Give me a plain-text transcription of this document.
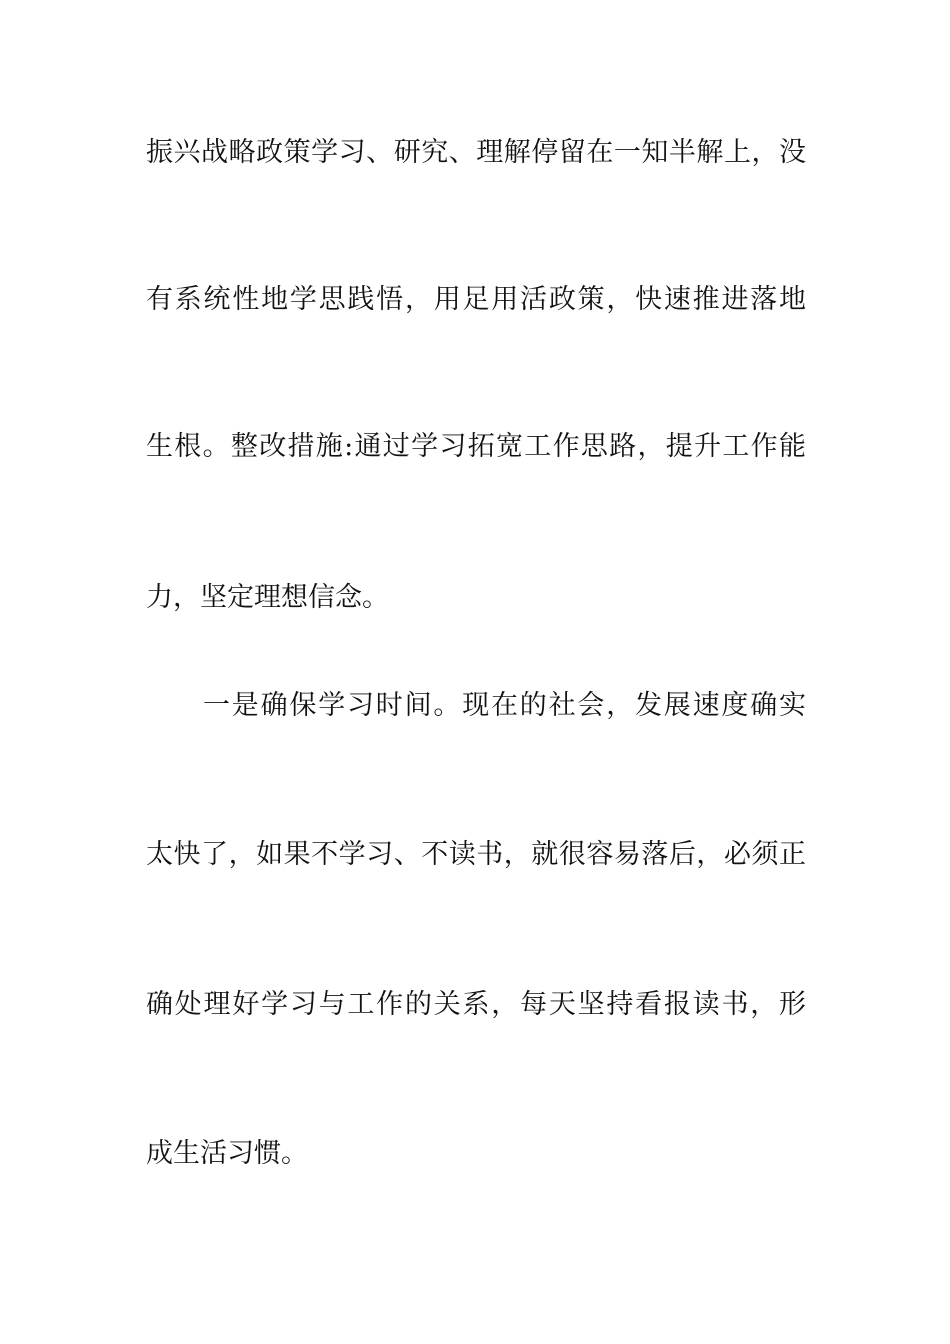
振兴战略政策学习、研究、理解停留在一知半解上，没
有系统性地学思践悟，用足用活政策，快速推进落地
生根。整改措施:通过学习拓宽工作思路，提升工作能
力，坚定理想信念。
一是确保学习时间。现在的社会，发展速度确实
太快了，如果不学习、不读书，就很容易落后，必须正
确处理好学习与工作的关系，每天坚持看报读书，形
成生活习惯。
